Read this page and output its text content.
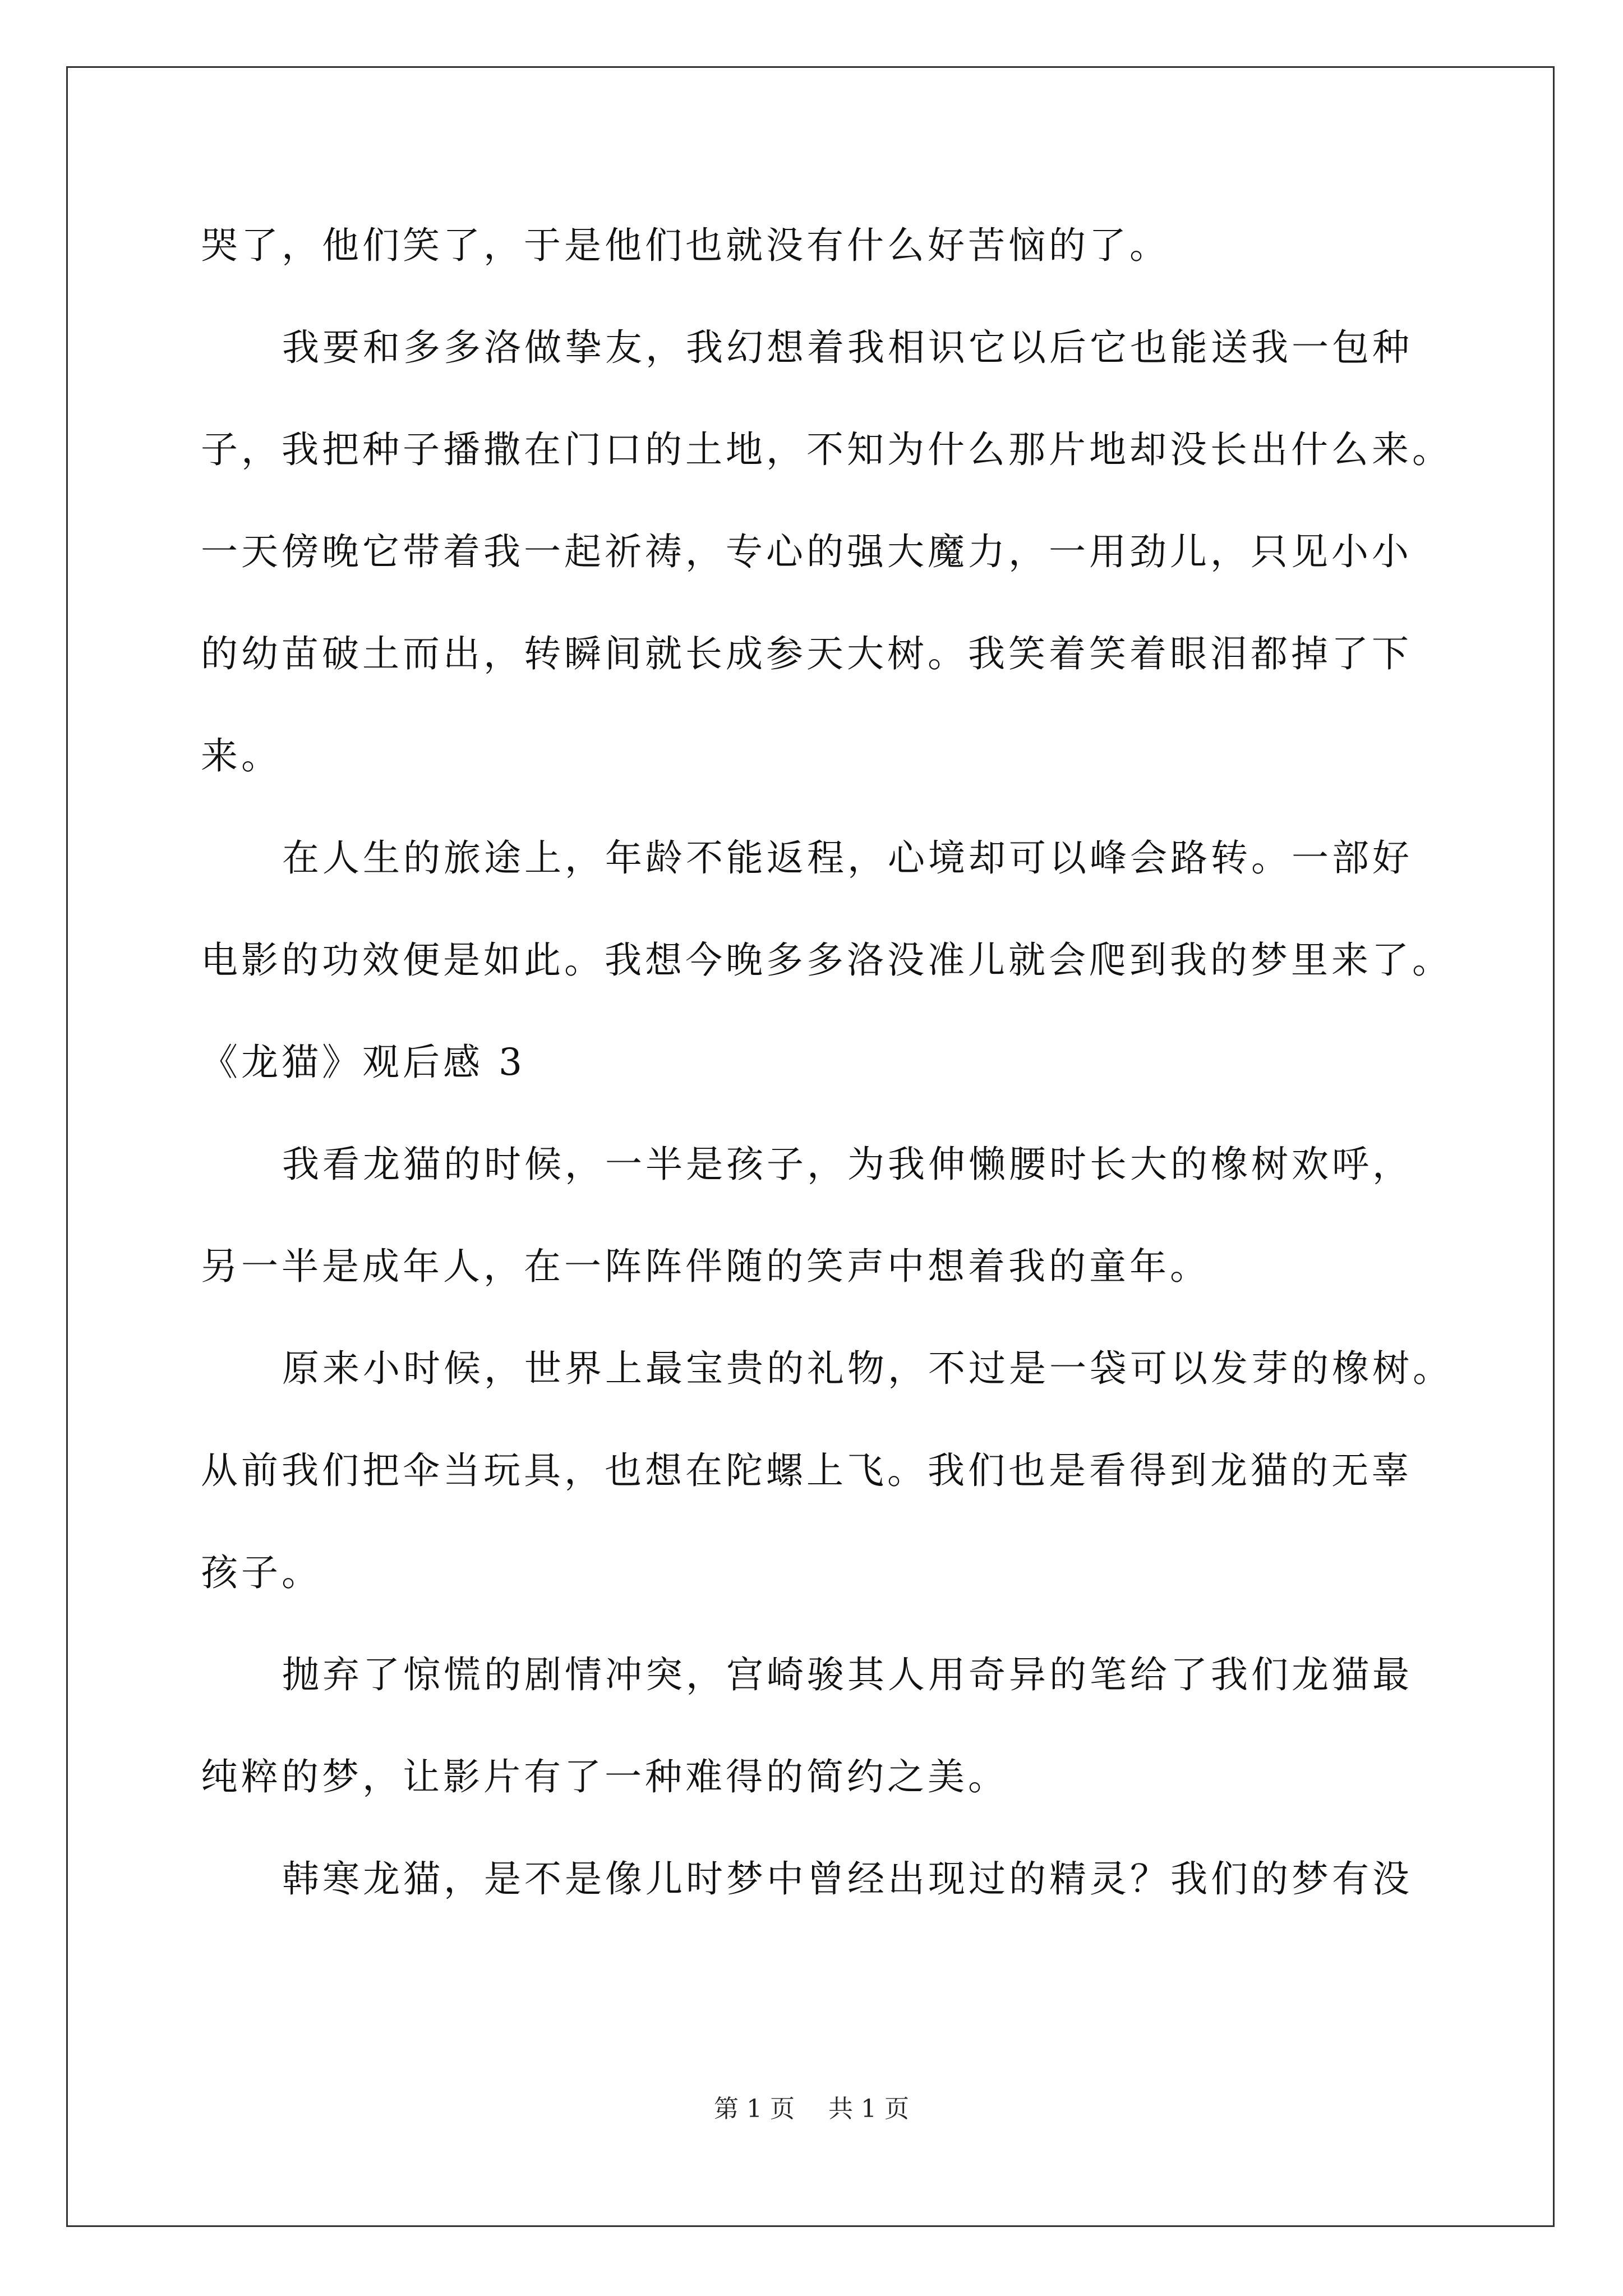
哭了，他们笑了，于是他们也就没有什么好苦恼的了。
我要和多多洛做挚友，我幻想着我相识它以后它也能送我一包种
子，我把种子播撒在门口的土地，不知为什么那片地却没长出什么来。
一天傍晚它带着我一起祈祷，专心的强大魔力，一用劲儿，只见小小
的幼苗破土而出，转瞬间就长成参天大树。我笑着笑着眼泪都掉了下
来。
在人生的旅途上，年龄不能返程，心境却可以峰会路转。一部好
电影的功效便是如此。我想今晚多多洛没准儿就会爬到我的梦里来了。
《龙猫》观后感 3
我看龙猫的时候，一半是孩子，为我伸懒腰时长大的橡树欢呼，
另一半是成年人，在一阵阵伴随的笑声中想着我的童年。
原来小时候，世界上最宝贵的礼物，不过是一袋可以发芽的橡树。
从前我们把伞当玩具，也想在陀螺上飞。我们也是看得到龙猫的无辜
孩子。
抛弃了惊慌的剧情冲突，宫崎骏其人用奇异的笔给了我们龙猫最
纯粹的梦，让影片有了一种难得的简约之美。
韩寒龙猫，是不是像儿时梦中曾经出现过的精灵？我们的梦有没
第 1 页 共 1 页
